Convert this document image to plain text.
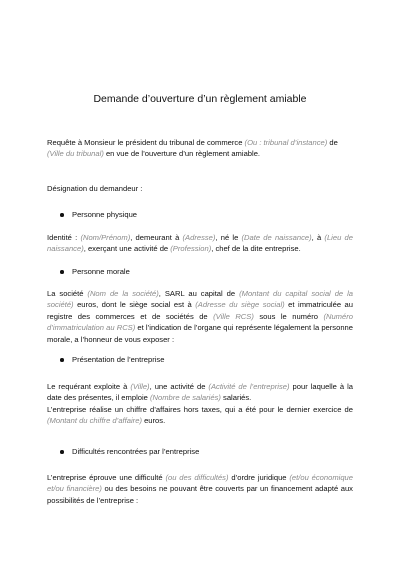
Demande d’ouverture d’un règlement amiable
Requête à Monsieur le président du tribunal de commerce (Ou : tribunal d’instance) de (Ville du tribunal) en vue de l’ouverture d’un règlement amiable.
Désignation du demandeur :
Personne physique
Identité : (Nom/Prénom), demeurant à (Adresse), né le (Date de naissance), à (Lieu de naissance), exerçant une activité de (Profession), chef de la dite entreprise.
Personne morale
La société (Nom de la société), SARL au capital de (Montant du capital social de la société) euros, dont le siège social est à (Adresse du siège social) et immatriculée au registre des commerces et de sociétés de (Ville RCS) sous le numéro (Numéro d’immatriculation au RCS) et l’indication de l’organe qui représente légalement la personne morale, a l’honneur de vous exposer :
Présentation de l’entreprise
Le requérant exploite à (Ville), une activité de (Activité de l’entreprise) pour laquelle à la date des présentes, il emploie (Nombre de salariés) salariés.
L’entreprise réalise un chiffre d’affaires hors taxes, qui a été pour le dernier exercice de (Montant du chiffre d’affaire) euros.
Difficultés rencontrées par l’entreprise
L’entreprise éprouve une difficulté (ou des difficultés) d’ordre juridique (et/ou économique et/ou financière) ou des besoins ne pouvant être couverts par un financement adapté aux possibilités de l’entreprise :
